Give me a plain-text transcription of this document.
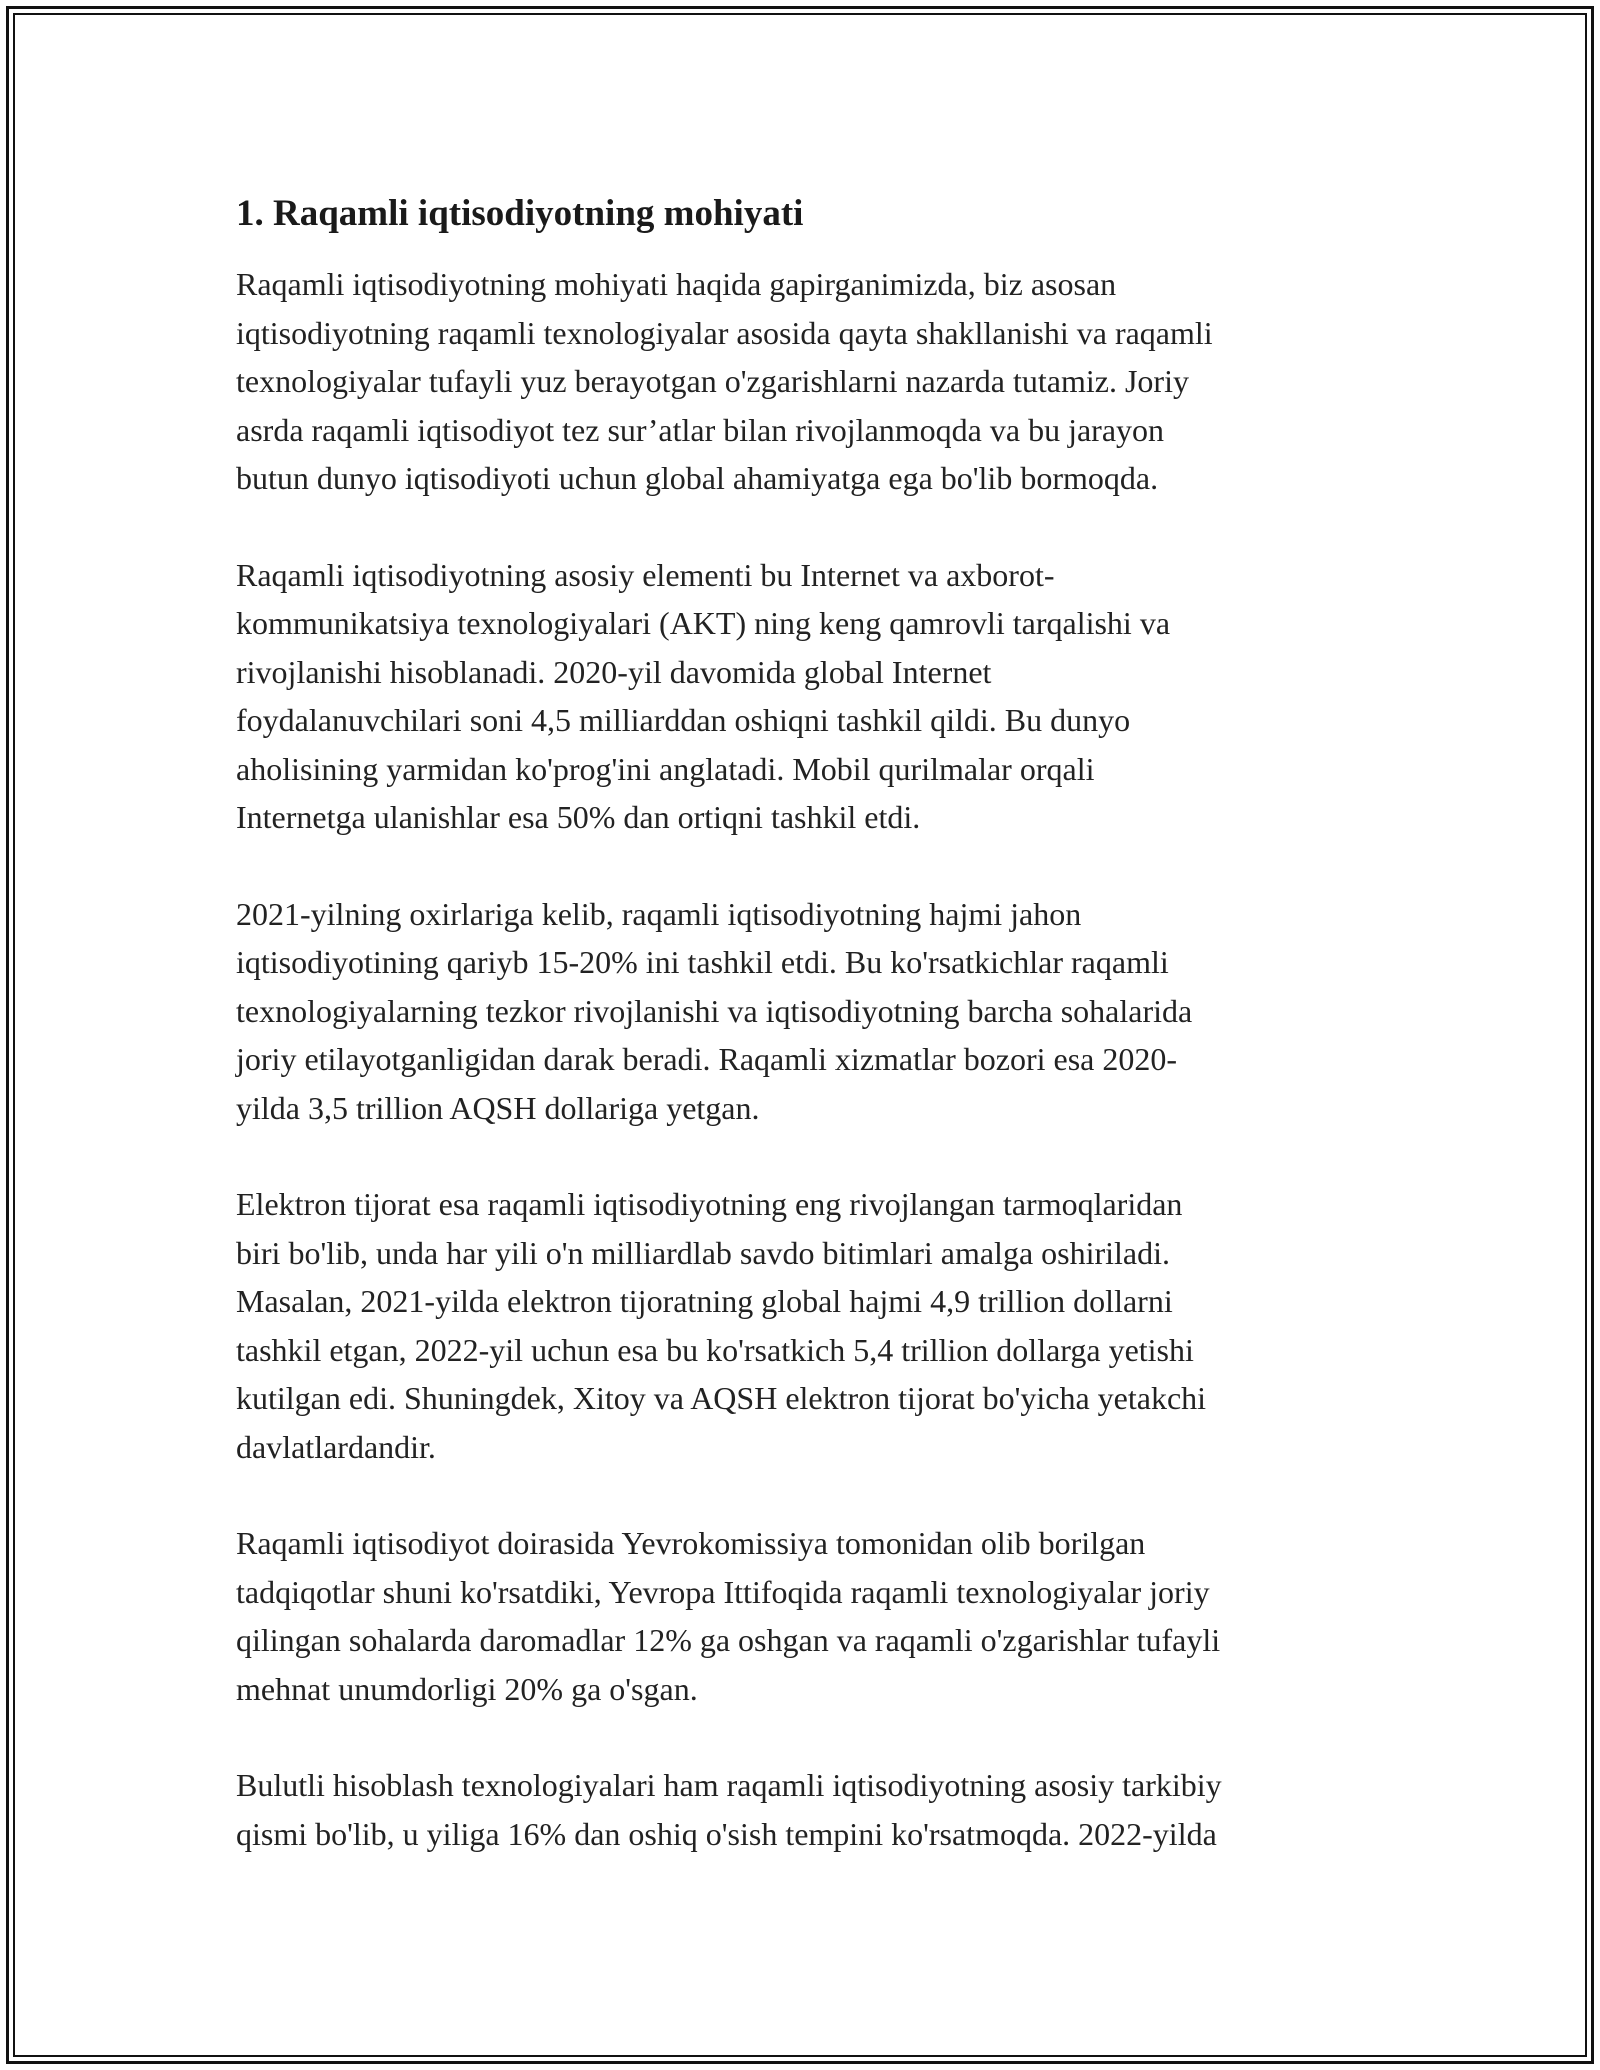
1. Raqamli iqtisodiyotning mohiyati

Raqamli iqtisodiyotning mohiyati haqida gapirganimizda, biz asosan
iqtisodiyotning raqamli texnologiyalar asosida qayta shakllanishi va raqamli
texnologiyalar tufayli yuz berayotgan o'zgarishlarni nazarda tutamiz. Joriy
asrda raqamli iqtisodiyot tez sur’atlar bilan rivojlanmoqda va bu jarayon
butun dunyo iqtisodiyoti uchun global ahamiyatga ega bo'lib bormoqda.

Raqamli iqtisodiyotning asosiy elementi bu Internet va axborot-
kommunikatsiya texnologiyalari (AKT) ning keng qamrovli tarqalishi va
rivojlanishi hisoblanadi. 2020-yil davomida global Internet
foydalanuvchilari soni 4,5 milliarddan oshiqni tashkil qildi. Bu dunyo
aholisining yarmidan ko'prog'ini anglatadi. Mobil qurilmalar orqali
Internetga ulanishlar esa 50% dan ortiqni tashkil etdi.

2021-yilning oxirlariga kelib, raqamli iqtisodiyotning hajmi jahon
iqtisodiyotining qariyb 15-20% ini tashkil etdi. Bu ko'rsatkichlar raqamli
texnologiyalarning tezkor rivojlanishi va iqtisodiyotning barcha sohalarida
joriy etilayotganligidan darak beradi. Raqamli xizmatlar bozori esa 2020-
yilda 3,5 trillion AQSH dollariga yetgan.

Elektron tijorat esa raqamli iqtisodiyotning eng rivojlangan tarmoqlaridan
biri bo'lib, unda har yili o'n milliardlab savdo bitimlari amalga oshiriladi.
Masalan, 2021-yilda elektron tijoratning global hajmi 4,9 trillion dollarni
tashkil etgan, 2022-yil uchun esa bu ko'rsatkich 5,4 trillion dollarga yetishi
kutilgan edi. Shuningdek, Xitoy va AQSH elektron tijorat bo'yicha yetakchi
davlatlardandir.

Raqamli iqtisodiyot doirasida Yevrokomissiya tomonidan olib borilgan
tadqiqotlar shuni ko'rsatdiki, Yevropa Ittifoqida raqamli texnologiyalar joriy
qilingan sohalarda daromadlar 12% ga oshgan va raqamli o'zgarishlar tufayli
mehnat unumdorligi 20% ga o'sgan.

Bulutli hisoblash texnologiyalari ham raqamli iqtisodiyotning asosiy tarkibiy
qismi bo'lib, u yiliga 16% dan oshiq o'sish tempini ko'rsatmoqda. 2022-yilda
